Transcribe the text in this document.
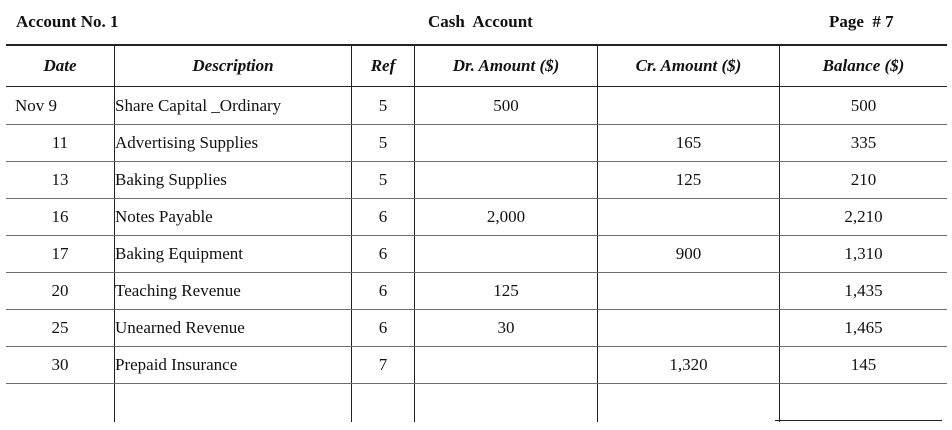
Account No. 1	Cash  Account	Page  # 7
Date	Description	Ref	Dr. Amount ($)	Cr. Amount ($)	Balance ($)
Nov 9	Share Capital _Ordinary	5	500		500
11	Advertising Supplies	5		165	335
13	Baking Supplies	5		125	210
16	Notes Payable	6	2,000		2,210
17	Baking Equipment	6		900	1,310
20	Teaching Revenue	6	125		1,435
25	Unearned Revenue	6	30		1,465
30	Prepaid Insurance	7		1,320	145
